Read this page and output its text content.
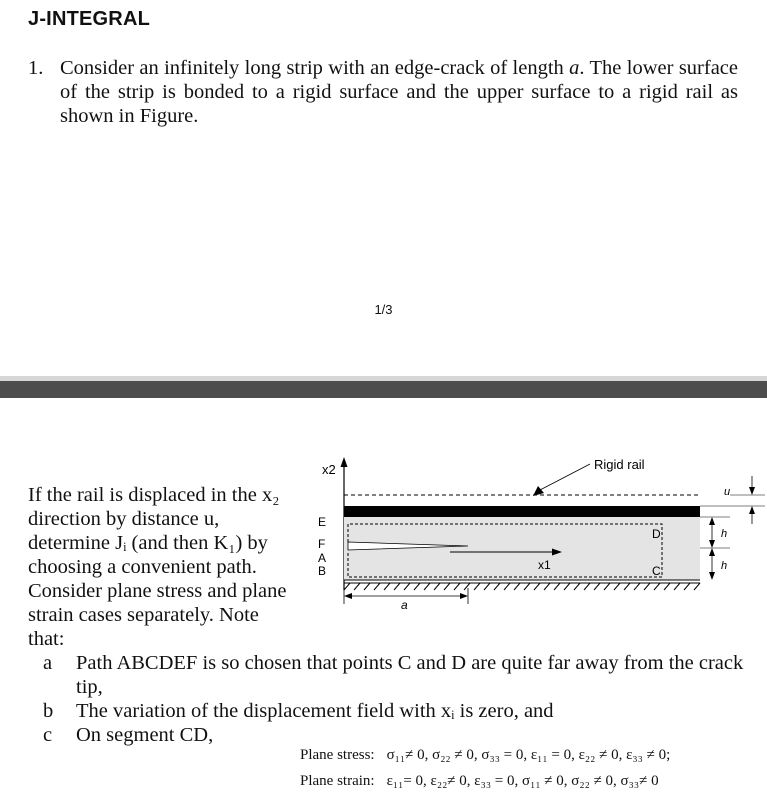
J-INTEGRAL
1. Consider an infinitely long strip with an edge-crack of length a. The lower surface of the strip is bonded to a rigid surface and the upper surface to a rigid rail as shown in Figure.
1/3
x2
x1
a
Rigid rail
E
F
A
B
D
C
h
h
u
If the rail is displaced in the x₂
direction by distance u,
determine Jᵢ (and then K₁) by
choosing a convenient path.
Consider plane stress and plane
strain cases separately. Note
that:
a Path ABCDEF is so chosen that points C and D are quite far away from the crack tip,
b The variation of the displacement field with xᵢ is zero, and
c On segment CD,
Plane stress: σ₁₁≠ 0, σ₂₂ ≠ 0, σ₃₃ = 0, ε₁₁ = 0, ε₂₂ ≠ 0, ε₃₃ ≠ 0;
Plane strain: ε₁₁= 0, ε₂₂≠ 0, ε₃₃ = 0, σ₁₁ ≠ 0, σ₂₂ ≠ 0, σ₃₃≠ 0
